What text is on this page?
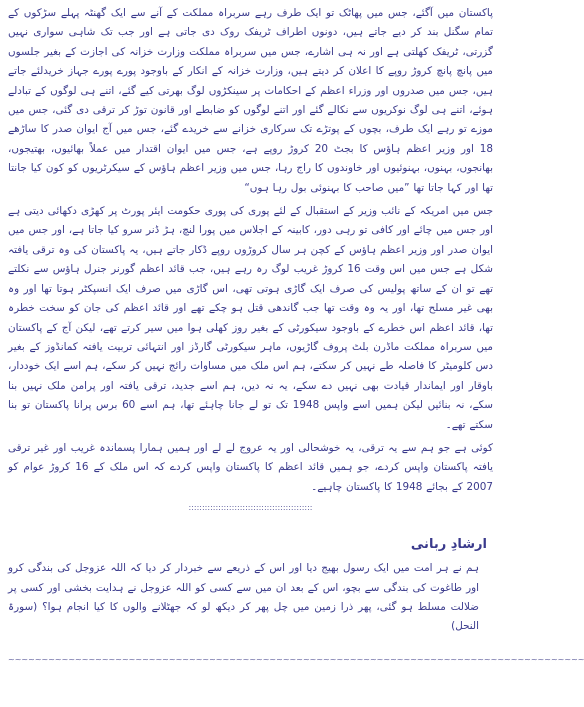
پاکستان میں آگئے، جس میں پھاٹک تو ایک طرف رہے سربراہ مملکت کے آنے سے ایک گھنٹہ پہلے سڑکوں کے تمام سگنل بند کر دیے جاتے ہیں، دونوں اطراف ٹریفک روک دی جاتی ہے اور جب تک شاہی سواری نہیں گزرتی، ٹریفک کھلتی ہے اور نہ ہی اشارے، جس میں سربراہ مملکت وزارت خزانہ کی اجازت کے بغیر جلسوں میں پانچ پانچ کروڑ روپے کا اعلان کر دیتے ہیں، وزارت خزانہ کے انکار کے باوجود پورے پورے جہاز خریدلئے جاتے ہیں، جس میں صدروں اور وزراء اعظم کے احکامات پر سینکڑوں لوگ بھرتی کیے گئے، اتنے ہی لوگوں کے تبادلے ہوئے، اتنے ہی لوگ نوکریوں سے نکالے گئے اور اتنے لوگوں کو ضابطے اور قانون توڑ کر ترقی دی گئی، جس میں موزے تو رہے ایک طرف، بچوں کے پوتڑے تک سرکاری خزانے سے خریدے گئے، جس میں آج ایوان صدر کا ساڑھے 18 اور وزیر اعظم ہاؤس کا بجٹ 20 کروڑ روپے ہے، جس میں ایوان اقتدار میں عملاً بھائیوں، بھتیجوں، بھانجوں، بہنوں، بہنوئیوں اور خاوندوں کا راج رہا، جس میں وزیر اعظم ہاؤس کے سیکرٹریوں کو کون کیا جانتا تھا اور کہا جاتا تھا ”میں صاحب کا بہنوئی بول رہا ہوں“

جس میں امریکہ کے نائب وزیر کے استقبال کے لئے پوری کی پوری حکومت ایئر پورٹ پر کھڑی دکھائی دیتی ہے اور جس میں چائے اور کافی تو رہی دور، کابینہ کے اجلاس میں پورا لنچ، ہڑ ڈنر سرو کیا جاتا ہے، اور جس میں ایوان صدر اور وزیر اعظم ہاؤس کے کچن ہر سال کروڑوں روپے ڈکار جاتے ہیں، یہ پاکستان کی وہ ترقی یافتہ شکل ہے جس میں اس وقت 16 کروڑ غریب لوگ رہ رہے ہیں، جب قائد اعظم گورنر جنرل ہاؤس سے نکلتے تھے تو ان کے ساتھ پولیس کی صرف ایک گاڑی ہوتی تھی، اس گاڑی میں صرف ایک انسپکٹر ہوتا تھا اور وہ بھی غیر مسلح تھا، اور یہ وہ وقت تھا جب گاندھی قتل ہو چکے تھے اور قائد اعظم کی جان کو سخت خطرہ تھا، قائد اعظم اس خطرے کے باوجود سیکورٹی کے بغیر روز کھلی ہوا میں سیر کرتے تھے، لیکن آج کے پاکستان میں سربراہ مملکت ماڈرن بلٹ پروف گاڑیوں، ماہر سیکورٹی گارڈز اور انتہائی تربیت یافتہ کمانڈوز کے بغیر دس کلومیٹر کا فاصلہ طے نہیں کر سکتے، ہم اس ملک میں مساوات رائج نہیں کر سکے، ہم اسے ایک خوددار، باوقار اور ایماندار قیادت بھی نہیں دے سکے، یہ نہ دیں، ہم اسے جدید، ترقی یافتہ اور پرامن ملک نہیں بنا سکے، نہ بنائیں لیکن ہمیں اسے واپس 1948 تک تو لے جانا چاہئے تھا، ہم اسے 60 برس پرانا پاکستان تو بنا سکتے تھے۔

کوئی ہے جو ہم سے یہ ترقی، یہ خوشحالی اور یہ عروج لے لے اور ہمیں ہمارا پسماندہ غریب اور غیر ترقی یافتہ پاکستان واپس کردے، جو ہمیں قائد اعظم کا پاکستان واپس کردے کہ اس ملک کے 16 کروڑ عوام کو 2007 کے بجائے 1948 کا پاکستان چاہیے۔

::::::::::::::::::::::::::::::::::::::::::::::
ارشادِ ربانی

ہم نے ہر امت میں ایک رسول بھیج دیا اور اس کے ذریعے سے خبردار کر دیا کہ اللہ عزوجل کی بندگی کرو اور طاغوت کی بندگی سے بچو، اس کے بعد ان میں سے کسی کو اللہ عزوجل نے ہدایت بخشی اور کسی پر ضلالت مسلط ہو گئی، پھر ذرا زمین میں چل پھر کر دیکھ لو کہ جھٹلانے والوں کا کیا انجام ہوا؟ (سورۃ النحل)

~~~~~~~~~~~~~~~~~~~~~~~~~~~~~~~~~~~~~~~~~~~~~~~~~~~~~~~~~~~~~~~~~~~~~~~~~~~~~~~~~~~~~~
